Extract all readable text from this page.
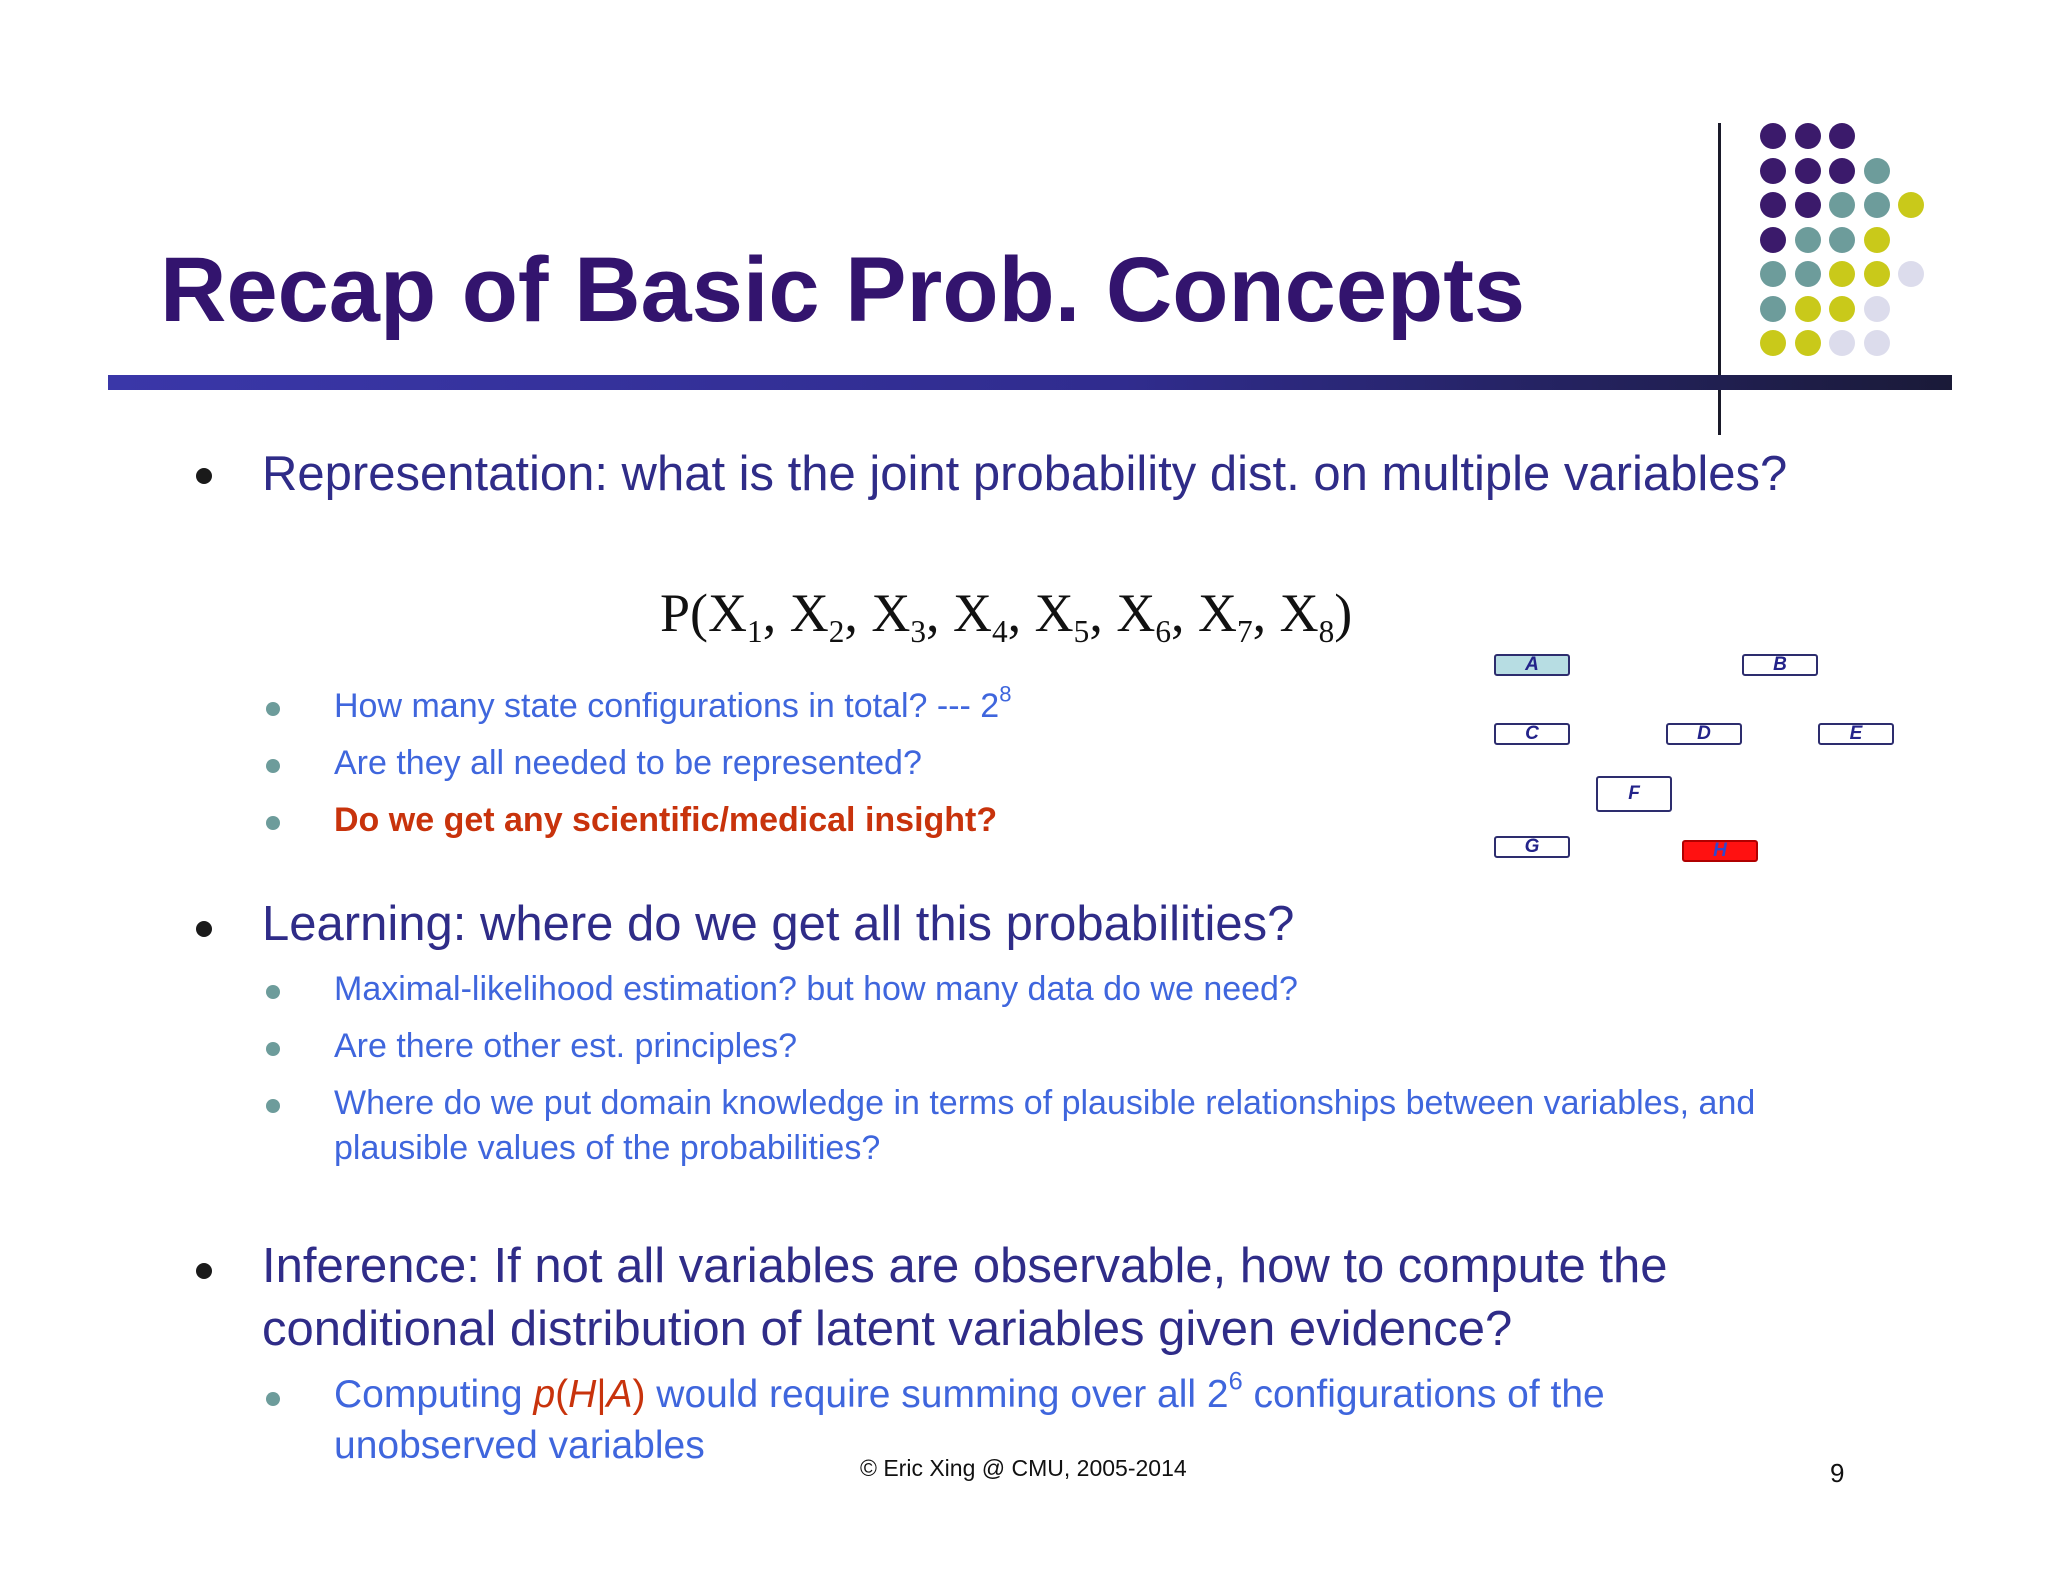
Recap of Basic Prob. Concepts
Representation: what is the joint probability dist. on multiple variables?
$P(X_1$, $X_2$, $X_3$, $X_4$, $X_5$, $X_6$, $X_7$, $X_8$)
How many state configurations in total? --- $2^8$
Are they all needed to be represented?
Do we get any scientific/medical insight?
A	B
C	D	E
F
G	H
Learning: where do we get all this probabilities?
Maximal-likelihood estimation? but how many data do we need?
Are there other est. principles?
Where do we put domain knowledge in terms of plausible relationships between variables, and plausible values of the probabilities?
Inference: If not all variables are observable, how to compute the conditional distribution of latent variables given evidence?
Computing p(H|A) would require summing over all $2^6$ configurations of the unobserved variables
© Eric Xing @ CMU, 2005-2014	9
